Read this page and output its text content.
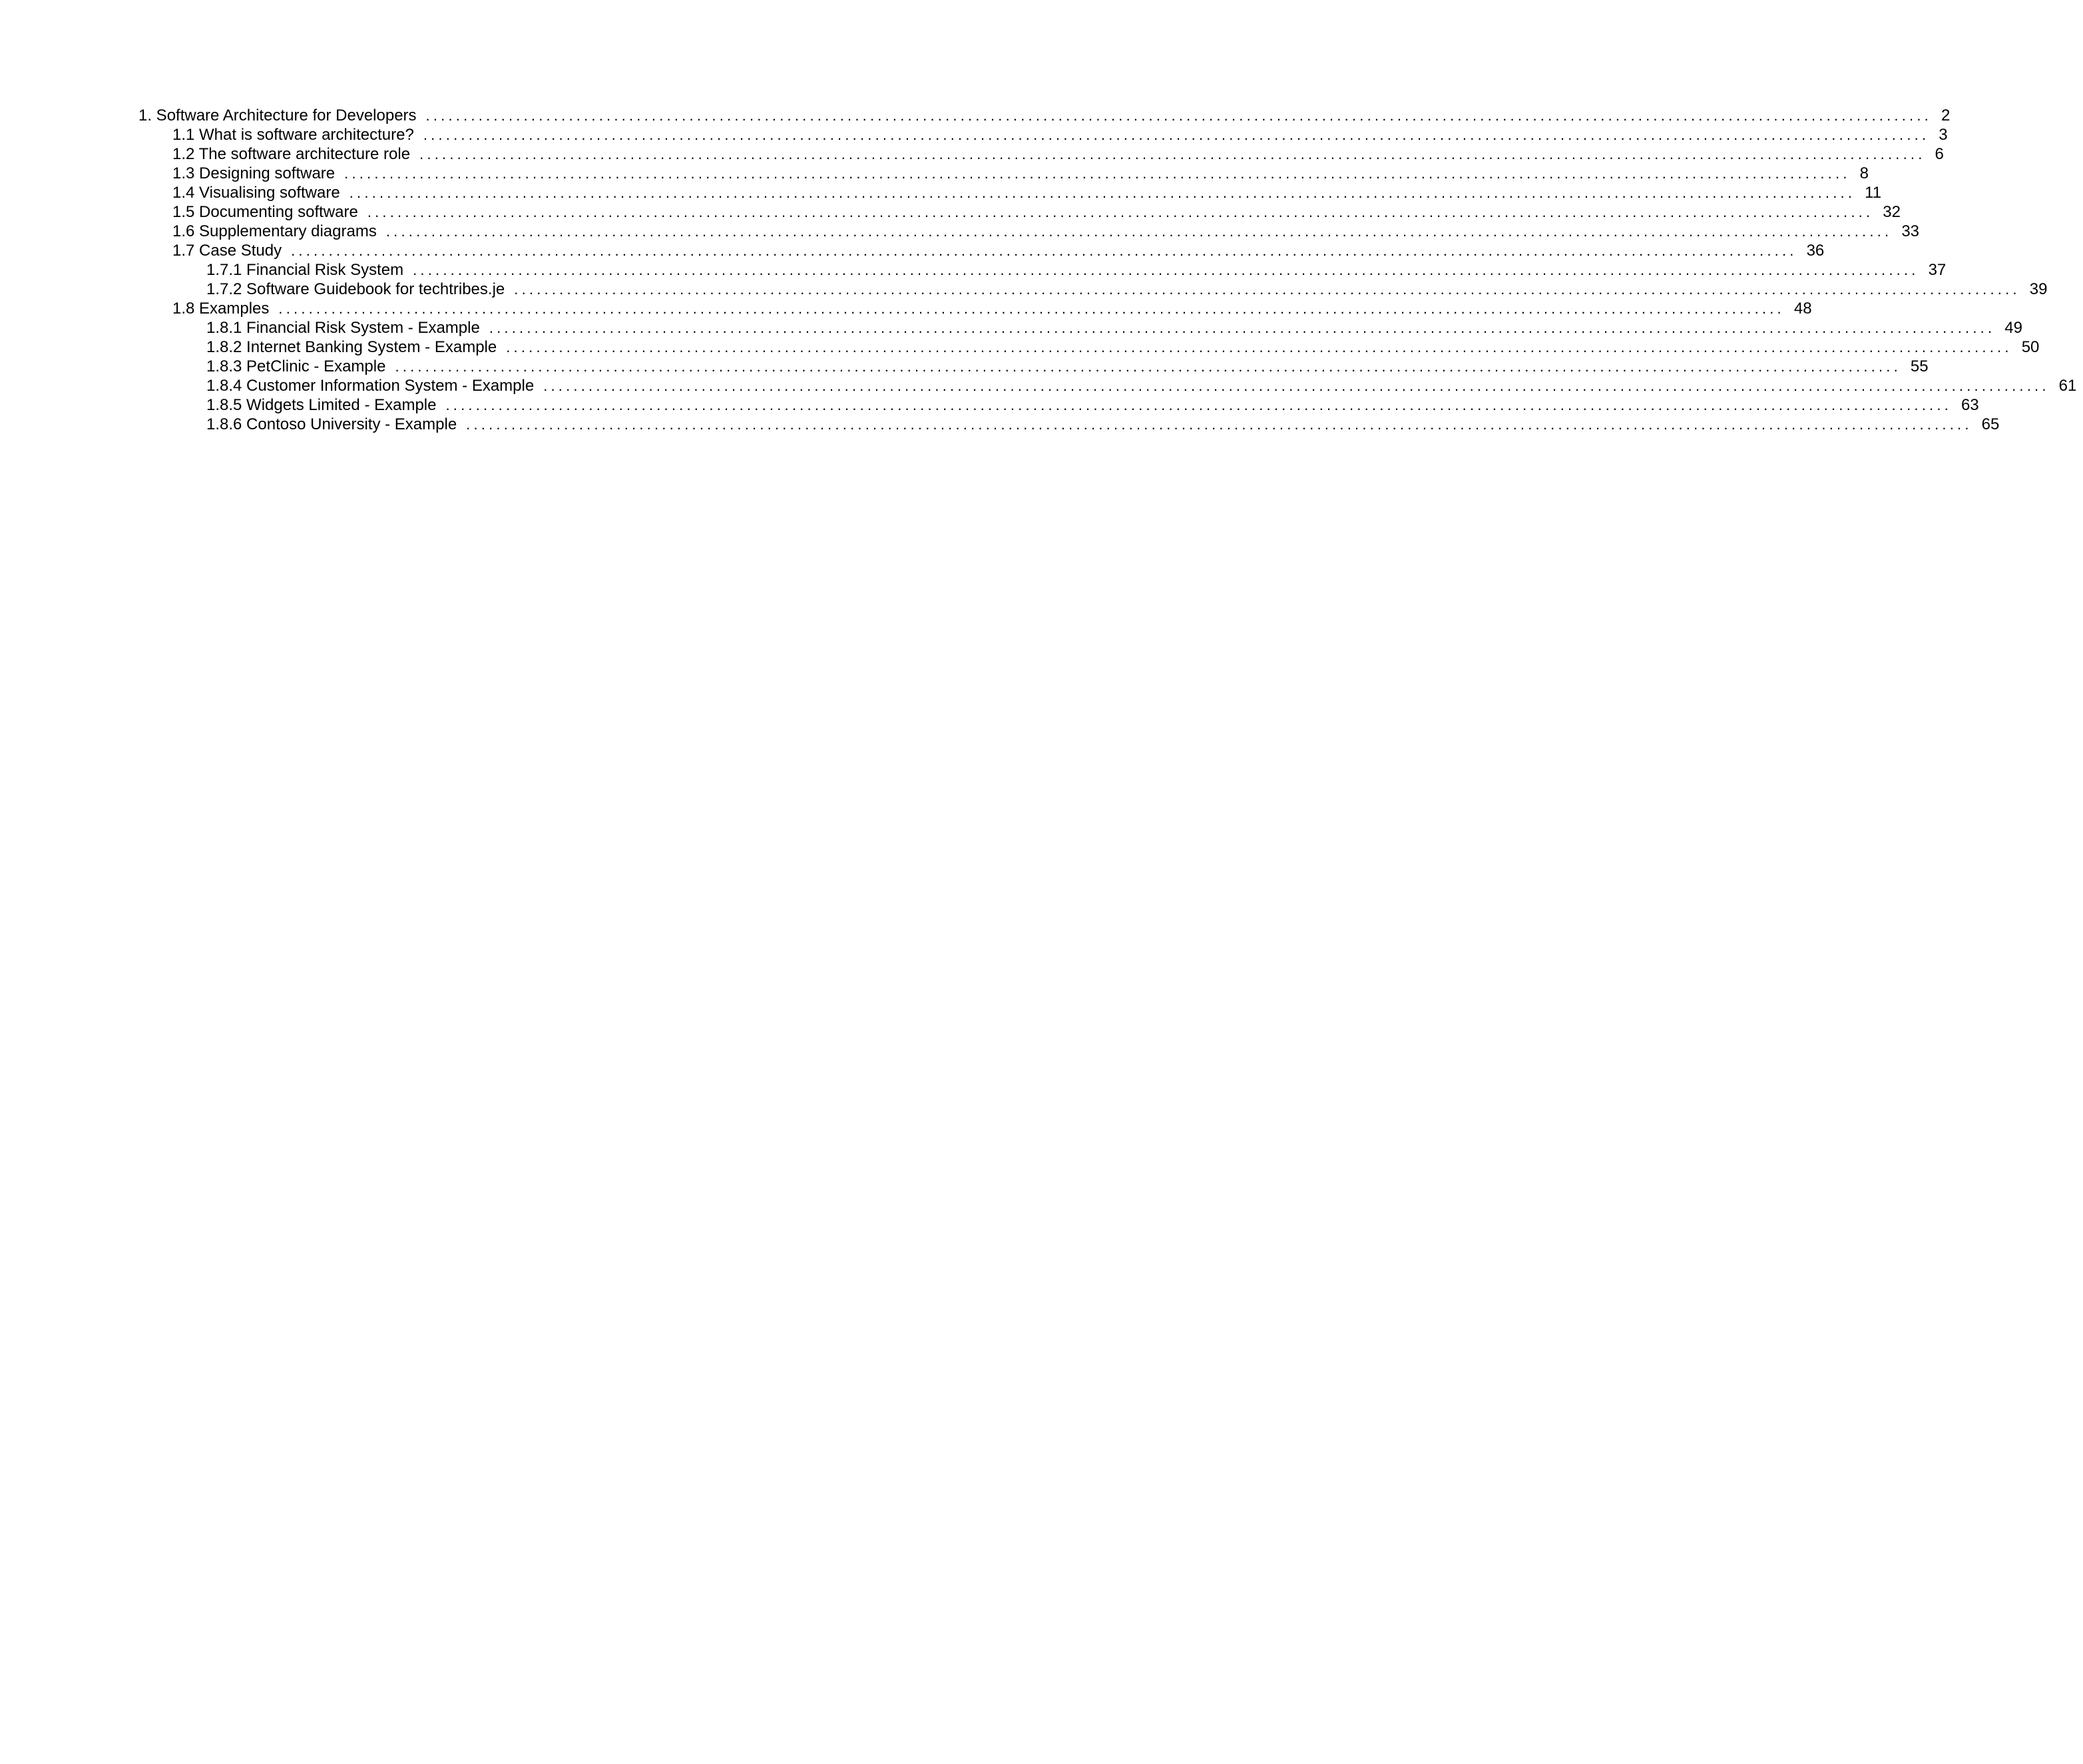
1. Software Architecture for Developers ........................................................................................................................................................................................................ 2
1.1 What is software architecture? ........................................................................................................................................................................................................ 3
1.2 The software architecture role ........................................................................................................................................................................................................ 6
1.3 Designing software ........................................................................................................................................................................................................ 8
1.4 Visualising software ........................................................................................................................................................................................................ 11
1.5 Documenting software ........................................................................................................................................................................................................ 32
1.6 Supplementary diagrams ........................................................................................................................................................................................................ 33
1.7 Case Study ........................................................................................................................................................................................................ 36
1.7.1 Financial Risk System ........................................................................................................................................................................................................ 37
1.7.2 Software Guidebook for techtribes.je ........................................................................................................................................................................................................ 39
1.8 Examples ........................................................................................................................................................................................................ 48
1.8.1 Financial Risk System - Example ........................................................................................................................................................................................................ 49
1.8.2 Internet Banking System - Example ........................................................................................................................................................................................................ 50
1.8.3 PetClinic - Example ........................................................................................................................................................................................................ 55
1.8.4 Customer Information System - Example ........................................................................................................................................................................................................ 61
1.8.5 Widgets Limited - Example ........................................................................................................................................................................................................ 63
1.8.6 Contoso University - Example ........................................................................................................................................................................................................ 65
